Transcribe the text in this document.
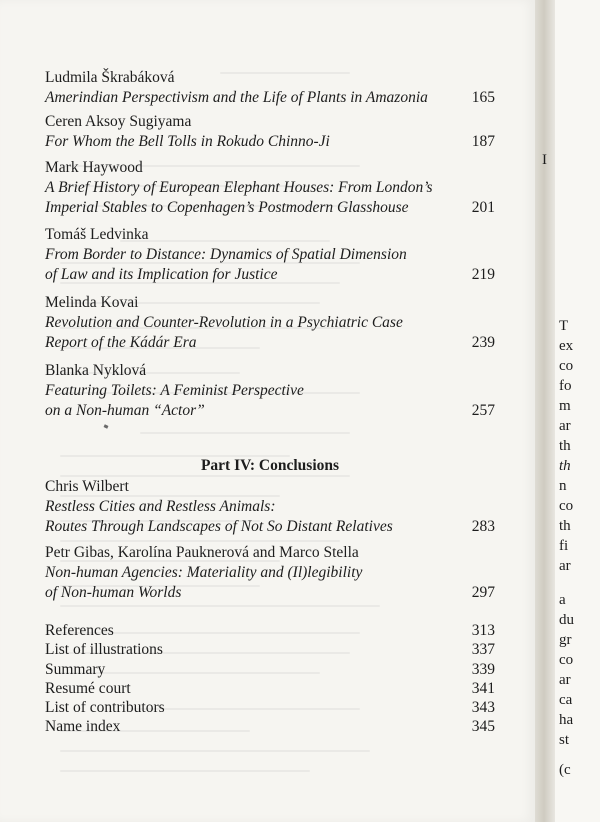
Ludmila Škrabáková
Amerindian Perspectivism and the Life of Plants in Amazonia	165
Ceren Aksoy Sugiyama
For Whom the Bell Tolls in Rokudo Chinno-Ji	187
Mark Haywood
A Brief History of European Elephant Houses: From London’s
Imperial Stables to Copenhagen’s Postmodern Glasshouse	201
Tomáš Ledvinka
From Border to Distance: Dynamics of Spatial Dimension
of Law and its Implication for Justice	219
Melinda Kovai
Revolution and Counter-Revolution in a Psychiatric Case
Report of the Kádár Era	239
Blanka Nyklová
Featuring Toilets: A Feminist Perspective
on a Non-human “Actor”	257
Part IV: Conclusions
Chris Wilbert
Restless Cities and Restless Animals:
Routes Through Landscapes of Not So Distant Relatives	283
Petr Gibas, Karolína Pauknerová and Marco Stella
Non-human Agencies: Materiality and (Il)legibility
of Non-human Worlds	297
References	313
List of illustrations	337
Summary	339
Resumé court	341
List of contributors	343
Name index	345
I
T
ex
co
fo
m
ar
th
th
n
co
th
fi
ar
a
du
gr
co
ar
ca
ha
st
(c
